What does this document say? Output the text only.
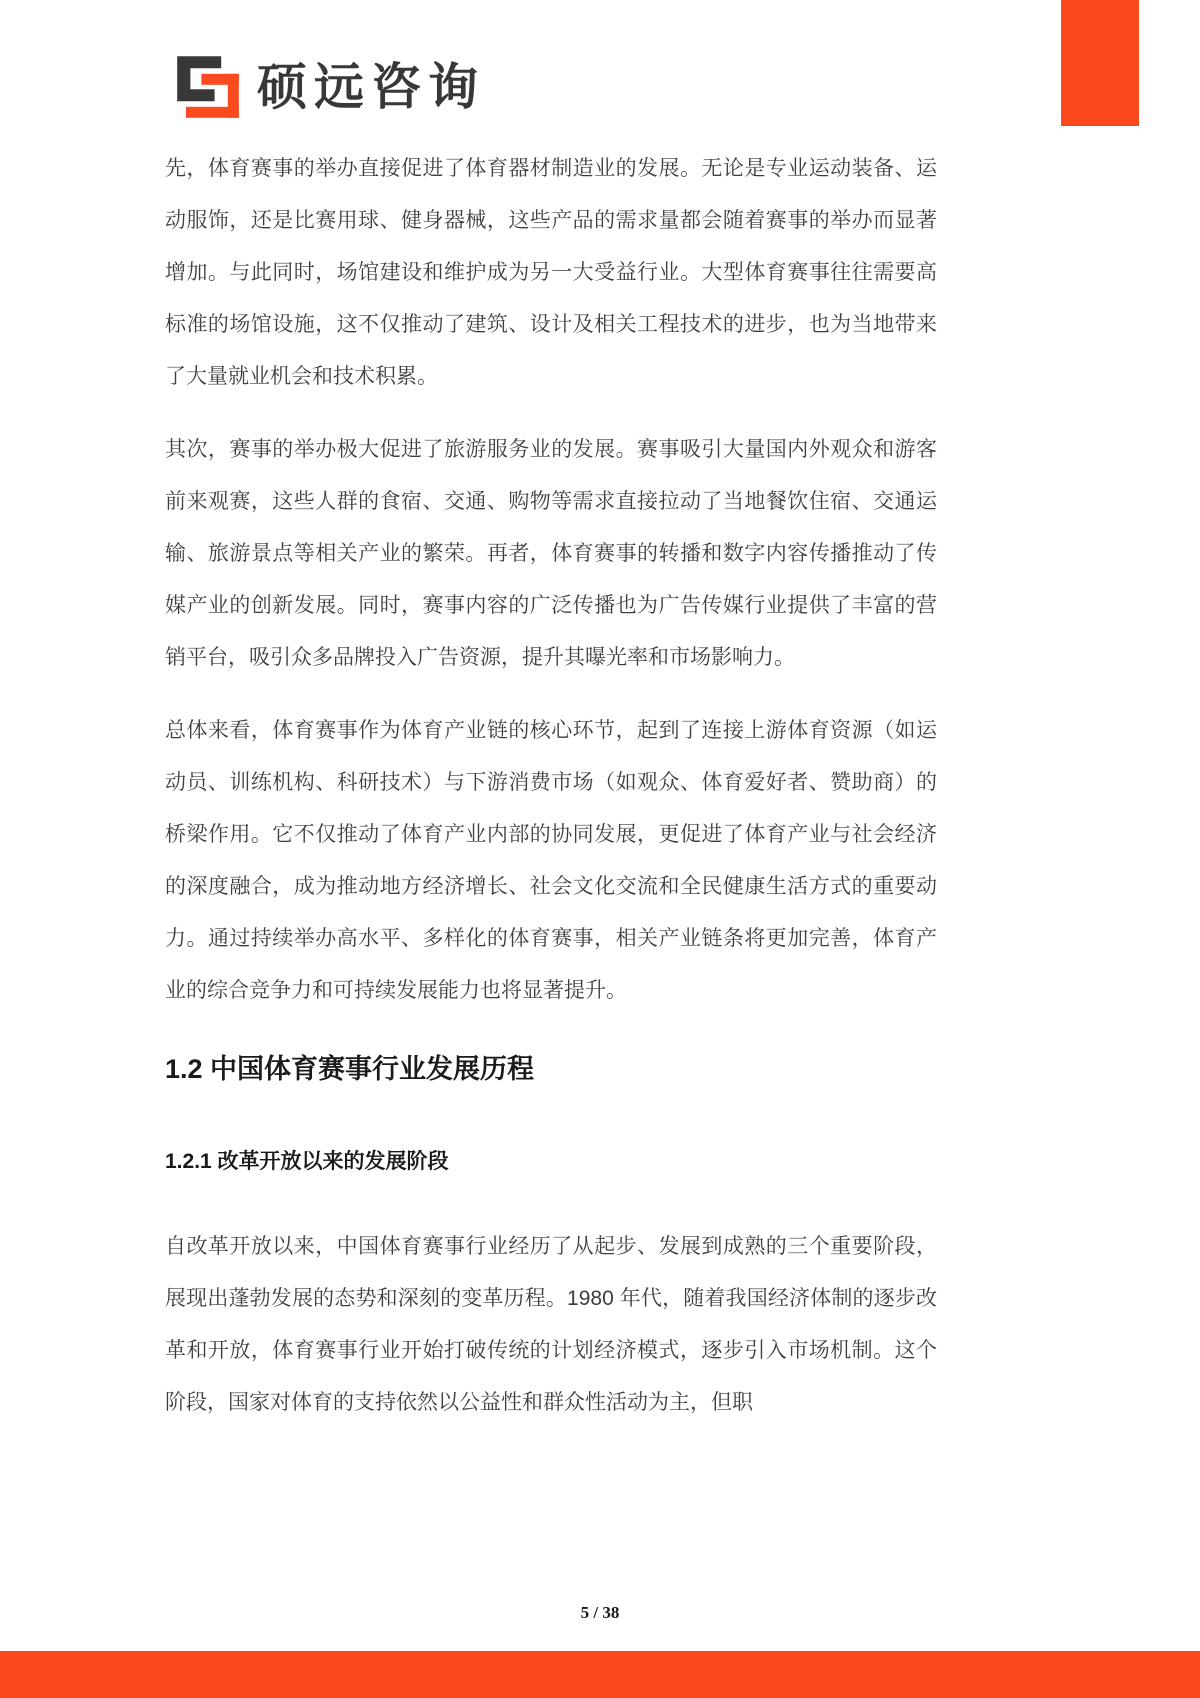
硕远咨询

先，体育赛事的举办直接促进了体育器材制造业的发展。无论是专业运动装备、运动服饰，还是比赛用球、健身器械，这些产品的需求量都会随着赛事的举办而显著增加。与此同时，场馆建设和维护成为另一大受益行业。大型体育赛事往往需要高标准的场馆设施，这不仅推动了建筑、设计及相关工程技术的进步，也为当地带来了大量就业机会和技术积累。

其次，赛事的举办极大促进了旅游服务业的发展。赛事吸引大量国内外观众和游客前来观赛，这些人群的食宿、交通、购物等需求直接拉动了当地餐饮住宿、交通运输、旅游景点等相关产业的繁荣。再者，体育赛事的转播和数字内容传播推动了传媒产业的创新发展。同时，赛事内容的广泛传播也为广告传媒行业提供了丰富的营销平台，吸引众多品牌投入广告资源，提升其曝光率和市场影响力。

总体来看，体育赛事作为体育产业链的核心环节，起到了连接上游体育资源（如运动员、训练机构、科研技术）与下游消费市场（如观众、体育爱好者、赞助商）的桥梁作用。它不仅推动了体育产业内部的协同发展，更促进了体育产业与社会经济的深度融合，成为推动地方经济增长、社会文化交流和全民健康生活方式的重要动力。通过持续举办高水平、多样化的体育赛事，相关产业链条将更加完善，体育产业的综合竞争力和可持续发展能力也将显著提升。

1.2 中国体育赛事行业发展历程
1.2.1 改革开放以来的发展阶段

自改革开放以来，中国体育赛事行业经历了从起步、发展到成熟的三个重要阶段，展现出蓬勃发展的态势和深刻的变革历程。1980 年代，随着我国经济体制的逐步改革和开放，体育赛事行业开始打破传统的计划经济模式，逐步引入市场机制。这个阶段，国家对体育的支持依然以公益性和群众性活动为主，但职

5 / 38
